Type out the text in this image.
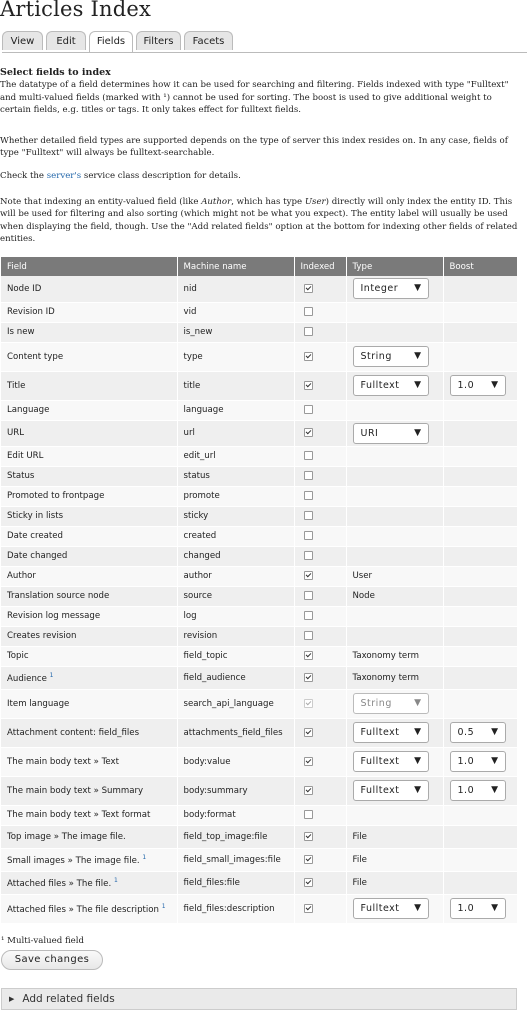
Articles Index
View	Edit	Fields	Filters	Facets

Select fields to index

The datatype of a field determines how it can be used for searching and filtering. Fields indexed with type "Fulltext" and multi-valued fields (marked with ¹) cannot be used for sorting. The boost is used to give additional weight to certain fields, e.g. titles or tags. It only takes effect for fulltext fields.

Whether detailed field types are supported depends on the type of server this index resides on. In any case, fields of type "Fulltext" will always be fulltext-searchable.

Check the server's service class description for details.

Note that indexing an entity-valued field (like Author, which has type User) directly will only index the entity ID. This will be used for filtering and also sorting (which might not be what you expect). The entity label will usually be used when displaying the field, though. Use the "Add related fields" option at the bottom for indexing other fields of related entities.

Field	Machine name	Indexed	Type	Boost
Node ID	nid		Integer ▼	

Revision ID	vid			
Is new	is_new			
Content type	type		String ▼	

Title	title		Fulltext ▼	1.0 ▼

Language	language			
URL	url		URI ▼	

Edit URL	edit_url			
Status	status			
Promoted to frontpage	promote			
Sticky in lists	sticky			
Date created	created			
Date changed	changed			
Author	author		User	
Translation source node	source		Node	
Revision log message	log			
Creates revision	revision			
Topic	field_topic		Taxonomy term	
Audience $^1$	field_audience		Taxonomy term	
Item language	search_api_language		String ▼	

Attachment content: field_files	attachments_field_files		Fulltext ▼	0.5 ▼

The main body text » Text	body:value		Fulltext ▼	1.0 ▼

The main body text » Summary	body:summary		Fulltext ▼	1.0 ▼

The main body text » Text format	body:format			
Top image » The image file.	field_top_image:file		File	
Small images » The image file. $^1$	field_small_images:file		File	
Attached files » The file. $^1$	field_files:file		File	
Attached files » The file description $^1$	field_files:description		Fulltext ▼	1.0 ▼
¹ Multi-valued field
Save changes
▶ Add related fields
